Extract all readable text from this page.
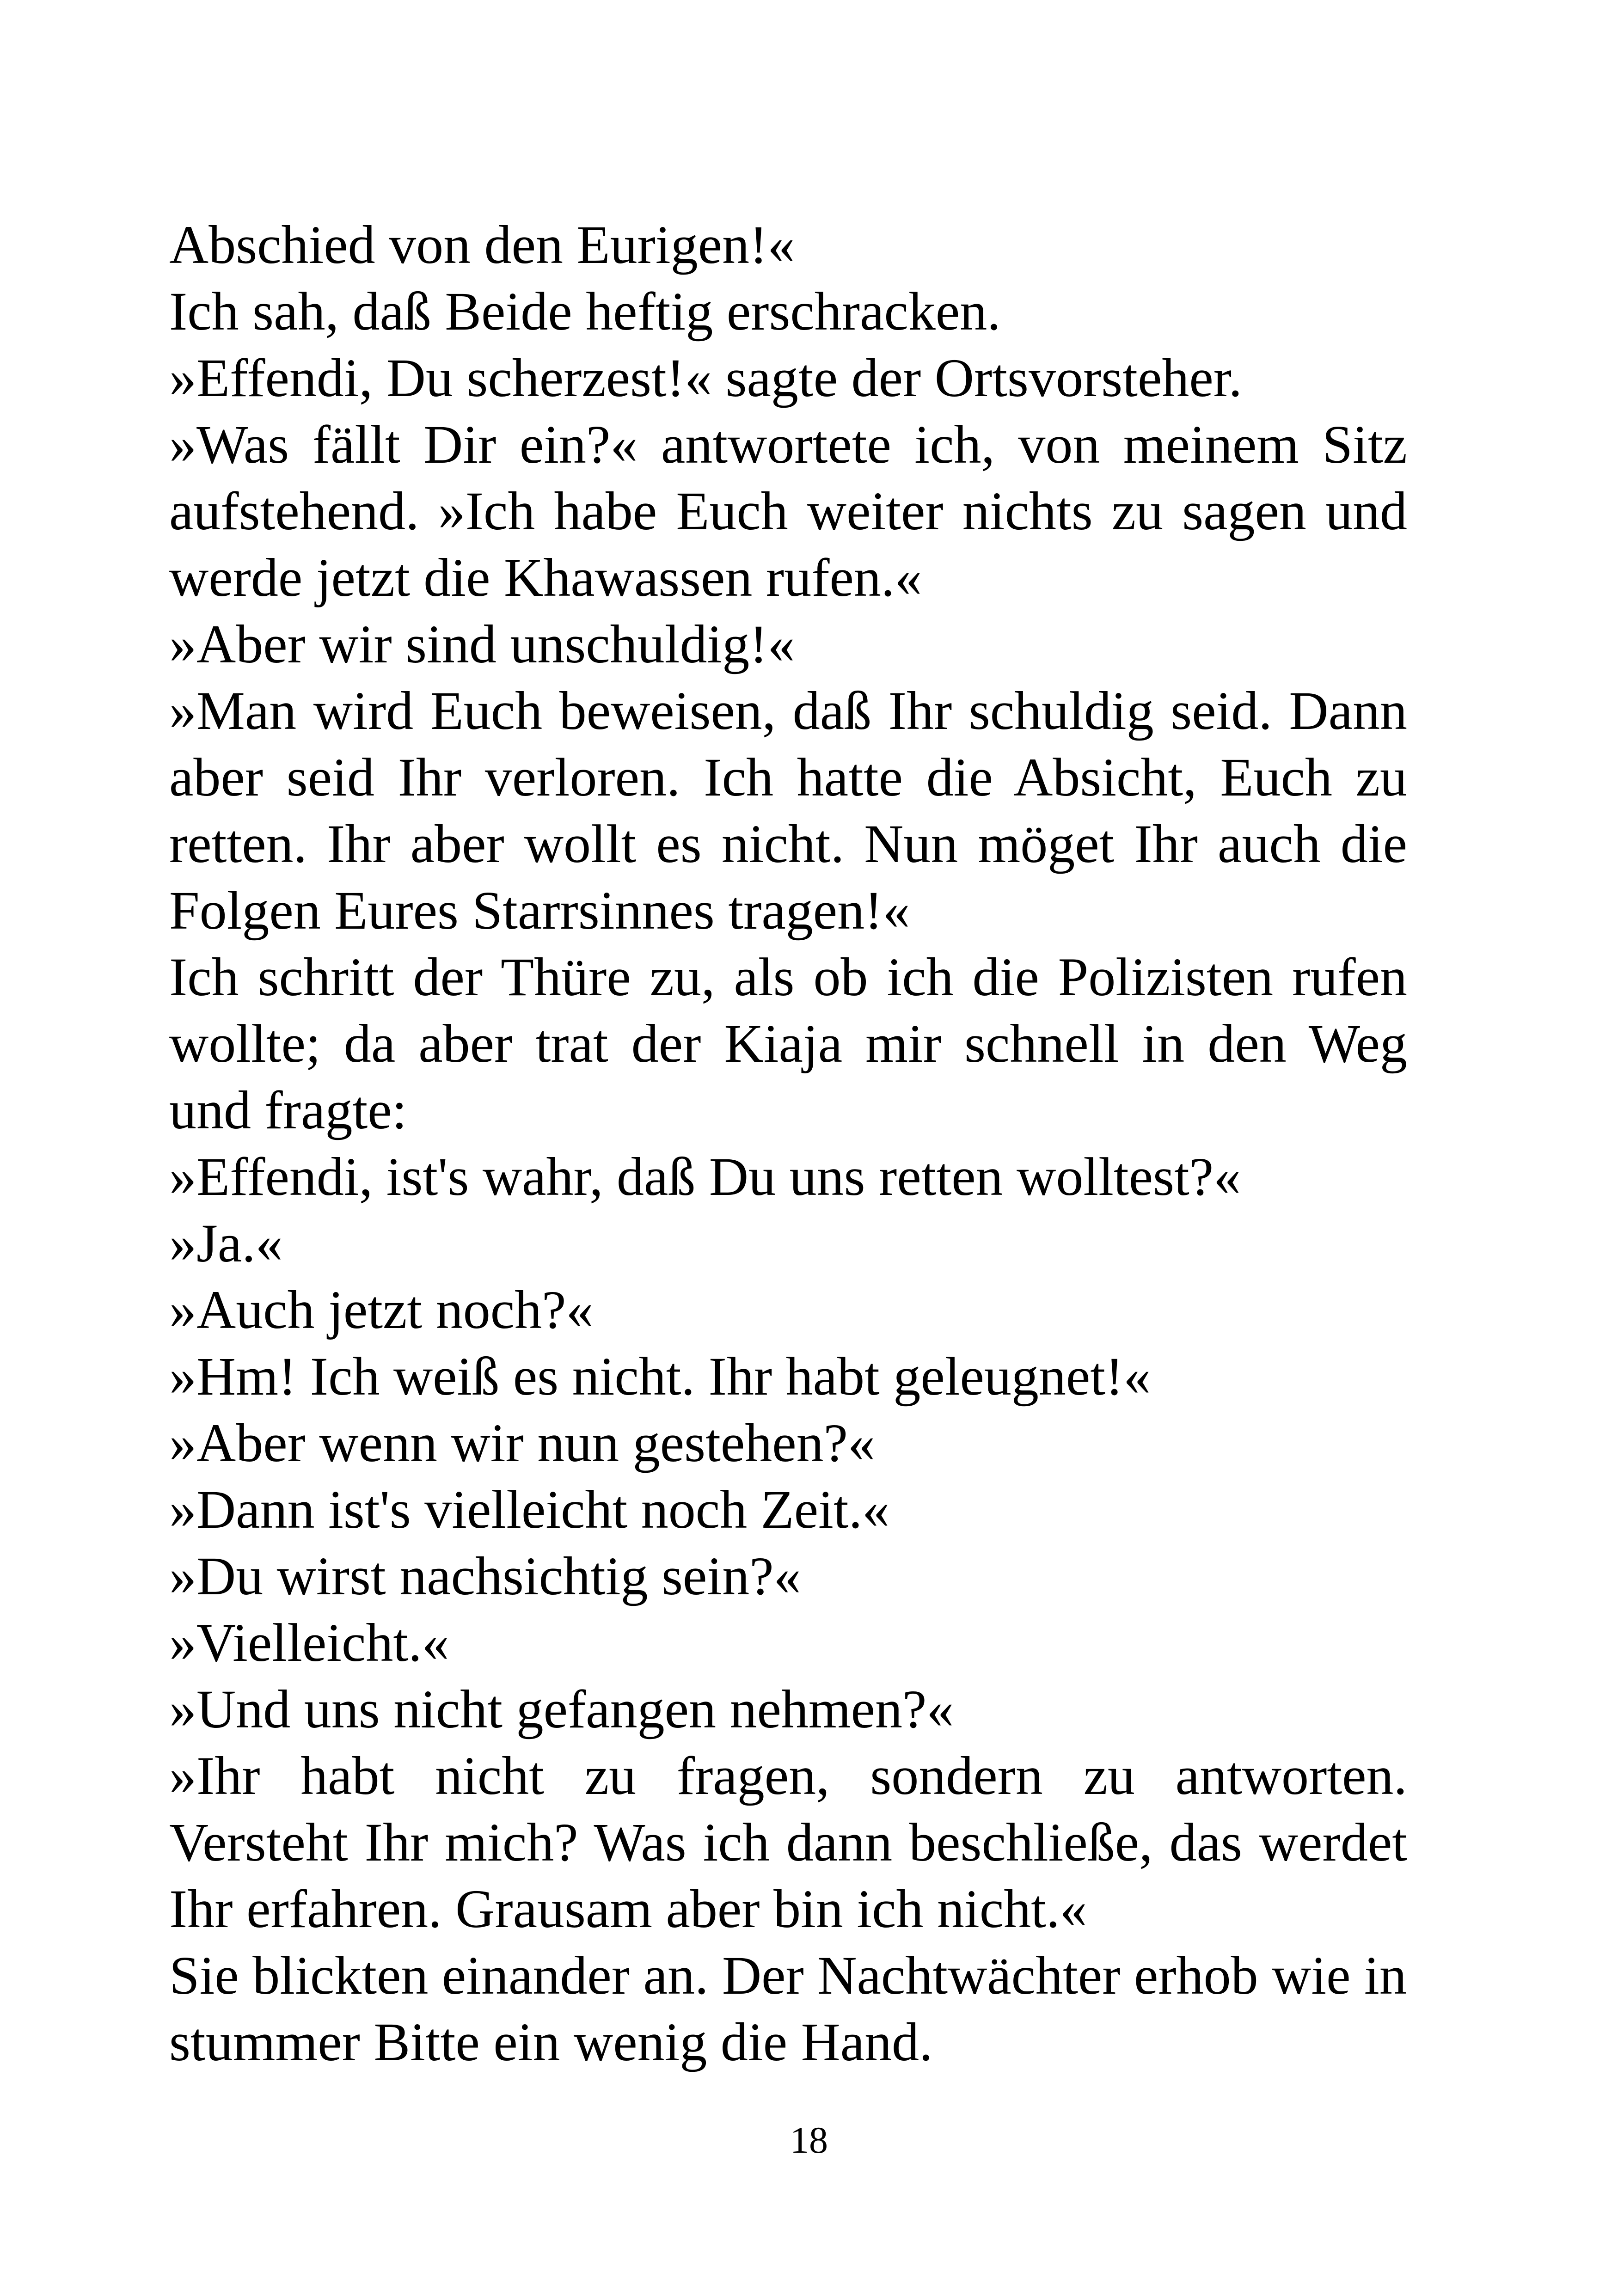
Abschied von den Eurigen!«

Ich sah, daß Beide heftig erschracken.

»Effendi, Du scherzest!« sagte der Ortsvorsteher.

»Was fällt Dir ein?« antwortete ich, von meinem Sitz aufstehend. »Ich habe Euch weiter nichts zu sagen und werde jetzt die Khawassen rufen.«

»Aber wir sind unschuldig!«

»Man wird Euch beweisen, daß Ihr schuldig seid. Dann aber seid Ihr verloren. Ich hatte die Absicht, Euch zu retten. Ihr aber wollt es nicht. Nun möget Ihr auch die Folgen Eures Starrsinnes tragen!«

Ich schritt der Thüre zu, als ob ich die Polizisten rufen wollte; da aber trat der Kiaja mir schnell in den Weg und fragte:

»Effendi, ist's wahr, daß Du uns retten wolltest?«

»Ja.«

»Auch jetzt noch?«

»Hm! Ich weiß es nicht. Ihr habt geleugnet!«

»Aber wenn wir nun gestehen?«

»Dann ist's vielleicht noch Zeit.«

»Du wirst nachsichtig sein?«

»Vielleicht.«

»Und uns nicht gefangen nehmen?«

»Ihr habt nicht zu fragen, sondern zu antworten. Versteht Ihr mich? Was ich dann beschließe, das werdet Ihr erfahren. Grausam aber bin ich nicht.«

Sie blickten einander an. Der Nachtwächter erhob wie in stummer Bitte ein wenig die Hand.

18
